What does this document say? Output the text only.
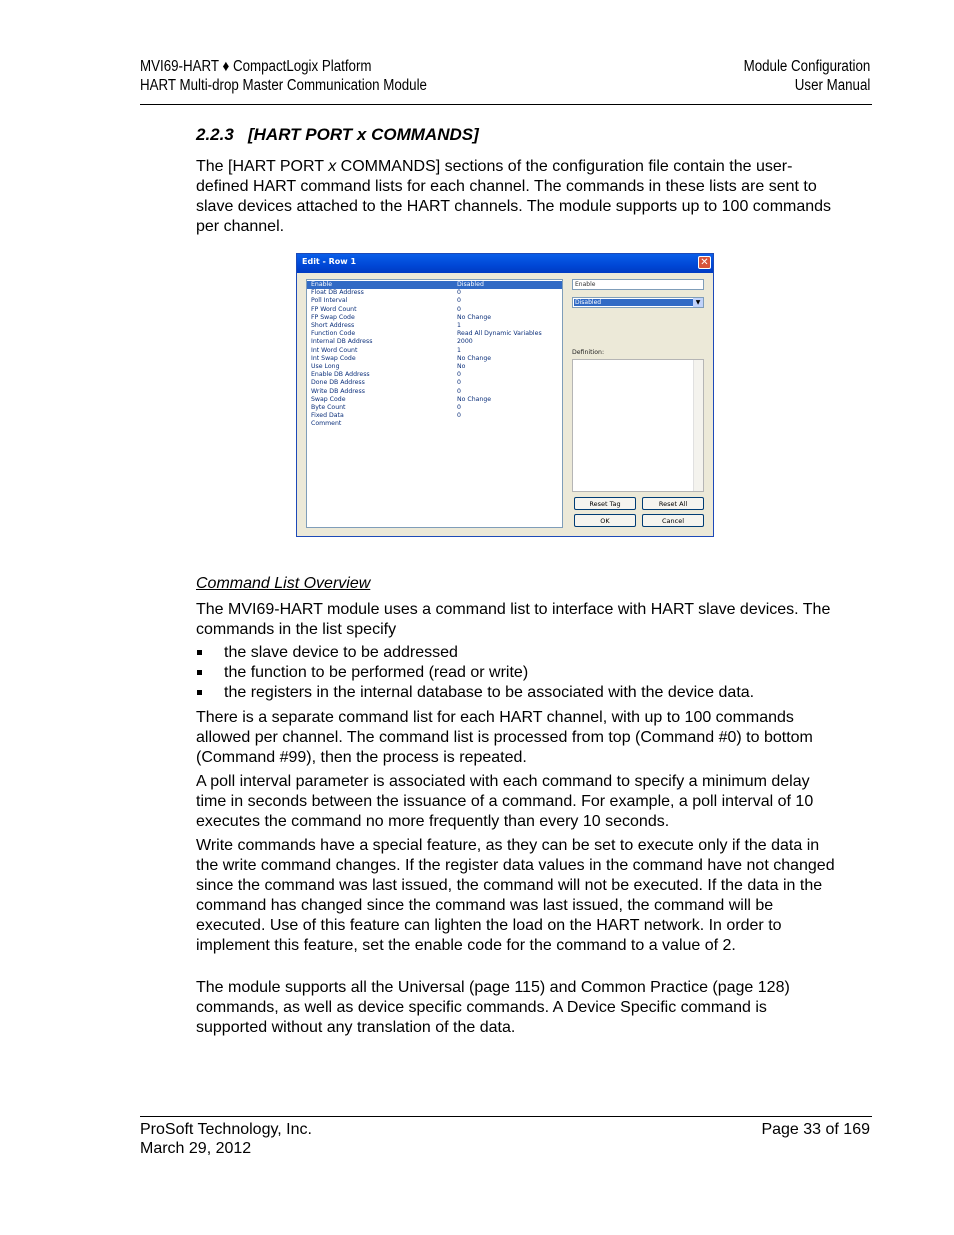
MVI69-HART ♦ CompactLogix Platform
HART Multi-drop Master Communication Module
Module Configuration
User Manual
2.2.3   [HART PORT x COMMANDS]

The [HART PORT x COMMANDS] sections of the configuration file contain the user-defined HART command lists for each channel. The commands in these lists are sent to slave devices attached to the HART channels. The module supports up to 100 commands per channel.

Edit - Row 1	✕
Enable	Disabled
Float DB Address	0
Poll Interval	0
FP Word Count	0
FP Swap Code	No Change
Short Address	1
Function Code	Read All Dynamic Variables
Internal DB Address	2000
Int Word Count	1
Int Swap Code	No Change
Use Long	No
Enable DB Address	0
Done DB Address	0
Write DB Address	0
Swap Code	No Change
Byte Count	0
Fixed Data	0
Comment
Enable
Disabled	▼
Definition:
Reset Tag	Reset All
OK	Cancel
Command List Overview

The MVI69-HART module uses a command list to interface with HART slave devices. The commands in the list specify

the slave device to be addressed
the function to be performed (read or write)
the registers in the internal database to be associated with the device data.

There is a separate command list for each HART channel, with up to 100 commands allowed per channel. The command list is processed from top (Command #0) to bottom (Command #99), then the process is repeated.

A poll interval parameter is associated with each command to specify a minimum delay time in seconds between the issuance of a command. For example, a poll interval of 10 executes the command no more frequently than every 10 seconds.

Write commands have a special feature, as they can be set to execute only if the data in the write command changes. If the register data values in the command have not changed since the command was last issued, the command will not be executed. If the data in the command has changed since the command was last issued, the command will be executed. Use of this feature can lighten the load on the HART network. In order to implement this feature, set the enable code for the command to a value of 2.

The module supports all the Universal (page 115) and Common Practice (page 128) commands, as well as device specific commands. A Device Specific command is supported without any translation of the data.

ProSoft Technology, Inc.
March 29, 2012
Page 33 of 169
